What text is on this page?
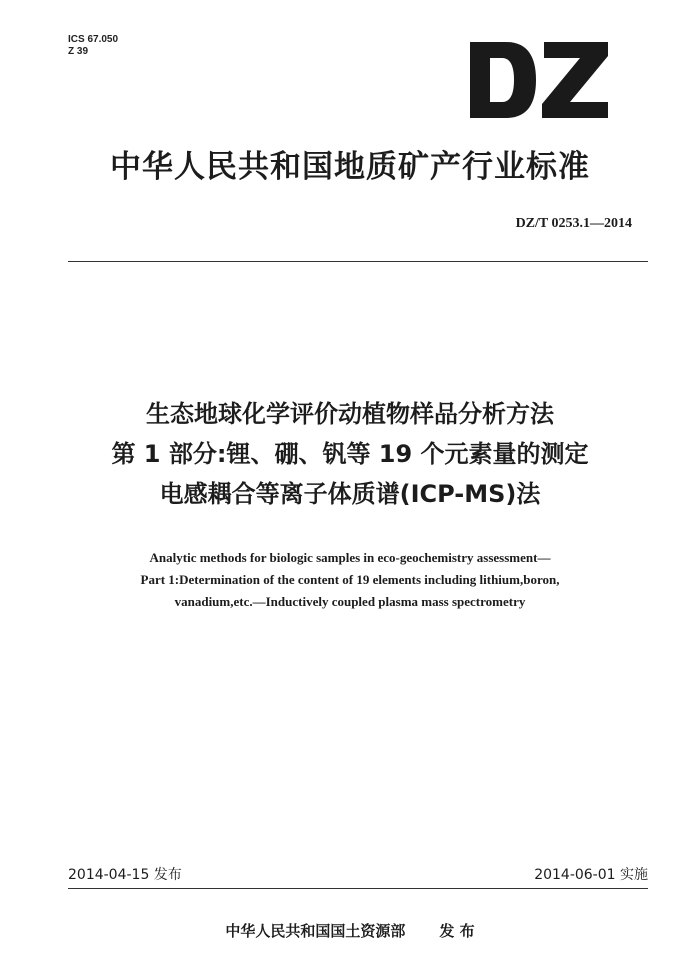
ICS 67.050
Z 39
中华人民共和国地质矿产行业标准
DZ/T 0253.1—2014
生态地球化学评价动植物样品分析方法
第 1 部分:锂、硼、钒等 19 个元素量的测定
电感耦合等离子体质谱(ICP-MS)法
Analytic methods for biologic samples in eco-geochemistry assessment—
Part 1:Determination of the content of 19 elements including lithium,boron,
vanadium,etc.—Inductively coupled plasma mass spectrometry
2014-04-15 发布	2014-06-01 实施
中华人民共和国国土资源部 发 布
